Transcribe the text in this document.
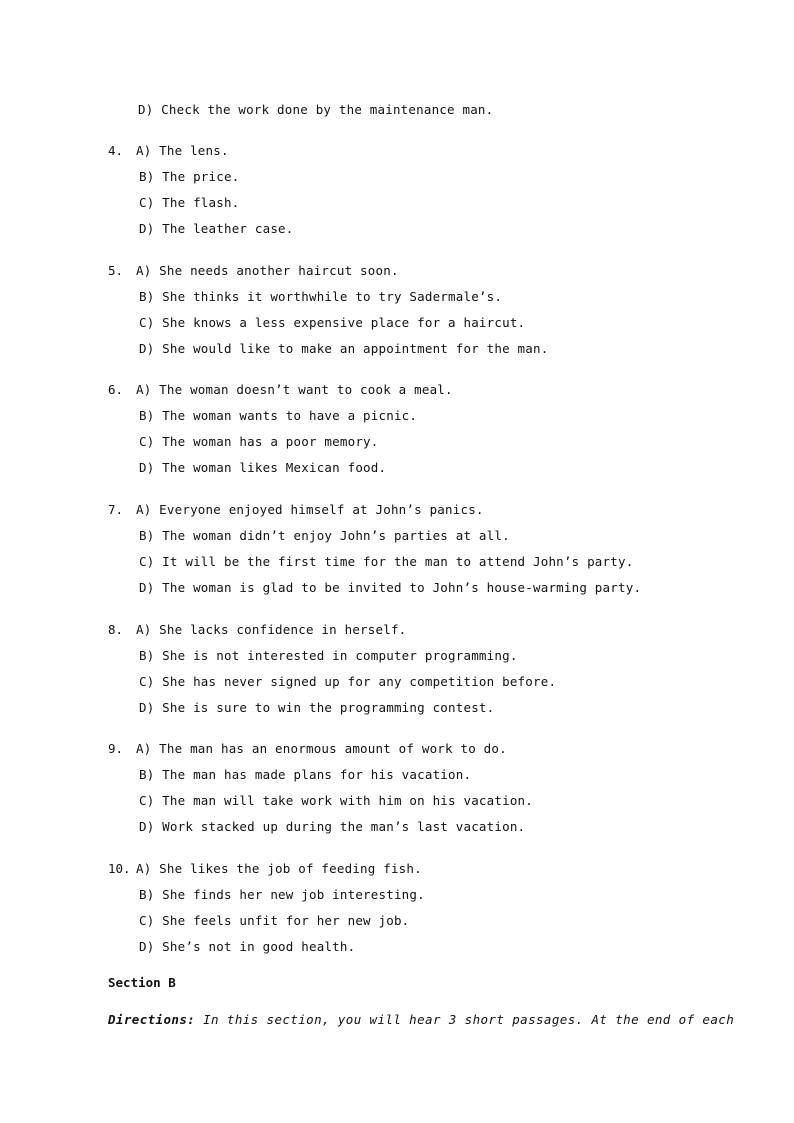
D) Check the work done by the maintenance man.
4. A) The lens.
B) The price.
C) The flash.
D) The leather case.
5. A) She needs another haircut soon.
B) She thinks it worthwhile to try Sadermale’s.
C) She knows a less expensive place for a haircut.
D) She would like to make an appointment for the man.
6. A) The woman doesn’t want to cook a meal.
B) The woman wants to have a picnic.
C) The woman has a poor memory.
D) The woman likes Mexican food.
7. A) Everyone enjoyed himself at John’s panics.
B) The woman didn’t enjoy John’s parties at all.
C) It will be the first time for the man to attend John’s party.
D) The woman is glad to be invited to John’s house-warming party.
8. A) She lacks confidence in herself.
B) She is not interested in computer programming.
C) She has never signed up for any competition before.
D) She is sure to win the programming contest.
9. A) The man has an enormous amount of work to do.
B) The man has made plans for his vacation.
C) The man will take work with him on his vacation.
D) Work stacked up during the man’s last vacation.
10. A) She likes the job of feeding fish.
B) She finds her new job interesting.
C) She feels unfit for her new job.
D) She’s not in good health.
Section B
Directions: In this section, you will hear 3 short passages. At the end of each
